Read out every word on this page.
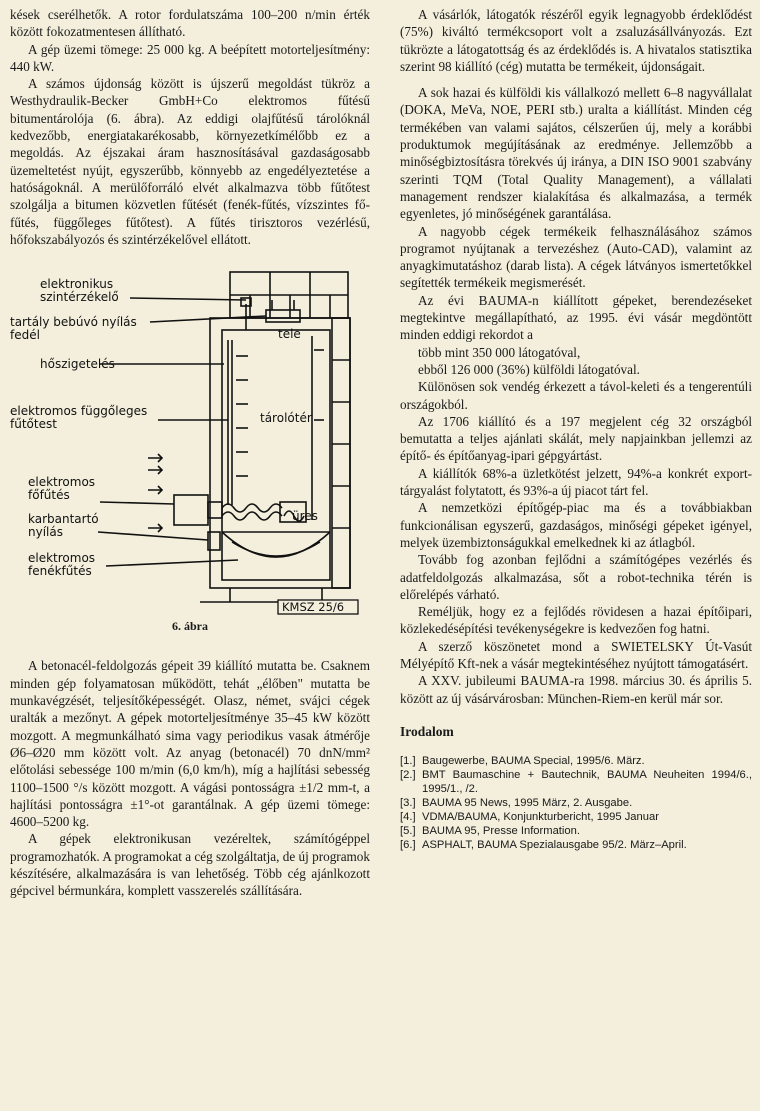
kések cserélhetők. A rotor fordulatszáma 100–200 n/min érték között fokozatmentesen állítható.

A gép üzemi tömege: 25 000 kg. A beépített motorteljesítmény: 440 kW.

A számos újdonság között is újszerű megoldást tükröz a Westhydraulik-Becker GmbH+Co elektromos fűtésű bitumentárolója (6. ábra). Az eddigi olajfűtésű tárolóknál kedvezőbb, energiatakarékosabb, környezetkímélőbb ez a megoldás. Az éjszakai áram hasznosításával gazdaságosabb üzemeltetést nyújt, egyszerűbb, könnyebb az engedélyeztetése a hatóságoknál. A merülőforráló elvét alkalmazva több fűtőtest szolgálja a bitumen közvetlen fűtését (fenék-fűtés, vízszintes fő-fűtés, függőleges fűtőtest). A fűtés tirisztoros vezérlésű, hőfokszabályozós és szintérzékelővel ellátott.

elektronikus
szintérzékelő
tartály bebúvó nyílás
fedél
hőszigetelés
elektromos függőleges
fűtőtest
elektromos
főfűtés
karbantartó
nyílás
elektromos
fenékfűtés
tele
tárolótér
üres
KMSZ 25/6
6. ábra

A betonacél-feldolgozás gépeit 39 kiállító mutatta be. Csaknem minden gép folyamatosan működött, tehát „élőben" mutatta be munkavégzését, teljesítőképességét. Olasz, német, svájci cégek uralták a mezőnyt. A gépek motorteljesítménye 35–45 kW között mozgott. A megmunkálható sima vagy periodikus vasak átmérője Ø6–Ø20 mm között volt. Az anyag (betonacél) 70 dnN/mm² előtolási sebessége 100 m/min (6,0 km/h), míg a hajlítási sebesség 1100–1500 °/s között mozgott. A vágási pontosságra ±1/2 mm-t, a hajlítási pontosságra ±1°-ot garantálnak. A gép üzemi tömege: 4600–5200 kg.

A gépek elektronikusan vezéreltek, számítógéppel programozhatók. A programokat a cég szolgáltatja, de új programok készítésére, alkalmazására is van lehetőség. Több cég ajánlkozott gépcivel bérmunkára, komplett vasszerelés szállítására.

A vásárlók, látogatók részéről egyik legnagyobb érdeklődést (75%) kiváltó termékcsoport volt a zsaluzásállványozás. Ezt tükrözte a látogatottság és az érdeklődés is. A hivatalos statisztika szerint 98 kiállító (cég) mutatta be termékeit, újdonságait.

A sok hazai és külföldi kis vállalkozó mellett 6–8 nagyvállalat (DOKA, MeVa, NOE, PERI stb.) uralta a kiállítást. Minden cég termékében van valami sajátos, célszerűen új, mely a korábbi produktumok megújításának az eredménye. Jellemzőbb a minőségbiztosításra törekvés új iránya, a DIN ISO 9001 szabvány szerinti TQM (Total Quality Management), a vállalati management rendszer kialakítása és alkalmazása, a termék egyenletes, jó minőségének garantálása.

A nagyobb cégek termékeik felhasználásához számos programot nyújtanak a tervezéshez (Auto-CAD), valamint az anyagkimutatáshoz (darab lista). A cégek látványos ismertetőkkel segítették termékeik megismerését.

Az évi BAUMA-n kiállított gépeket, berendezéseket megtekintve megállapítható, az 1995. évi vásár megdöntött minden eddigi rekordot a

több mint 350 000 látogatóval,

ebből 126 000 (36%) külföldi látogatóval.

Különösen sok vendég érkezett a távol-keleti és a tengerentúli országokból.

Az 1706 kiállító és a 197 megjelent cég 32 országból bemutatta a teljes ajánlati skálát, mely napjainkban jellemzi az építő- és építőanyag-ipari gépgyártást.

A kiállítók 68%-a üzletkötést jelzett, 94%-a konkrét export-tárgyalást folytatott, és 93%-a új piacot tárt fel.

A nemzetközi építőgép-piac ma és a továbbiakban funkcionálisan egyszerű, gazdaságos, minőségi gépeket igényel, melyek üzembiztonságukkal emelkednek ki az átlagból.

Tovább fog azonban fejlődni a számítógépes vezérlés és adatfeldolgozás alkalmazása, sőt a robot-technika térén is előrelépés várható.

Reméljük, hogy ez a fejlődés rövidesen a hazai építőipari, közlekedésépítési tevékenységekre is kedvezően fog hatni.

A szerző köszönetet mond a SWIETELSKY Út-Vasút Mélyépítő Kft-nek a vásár megtekintéséhez nyújtott támogatásért.

A XXV. jubileumi BAUMA-ra 1998. március 30. és április 5. között az új vásárvárosban: München-Riem-en kerül már sor.

Irodalom
[1.] Baugewerbe, BAUMA Special, 1995/6. März.
[2.] BMT Baumaschine + Bautechnik, BAUMA Neuheiten 1994/6., 1995/1., /2.
[3.] BAUMA 95 News, 1995 März, 2. Ausgabe.
[4.] VDMA/BAUMA, Konjunkturbericht, 1995 Januar
[5.] BAUMA 95, Presse Information.
[6.] ASPHALT, BAUMA Spezialausgabe 95/2. März–April.
